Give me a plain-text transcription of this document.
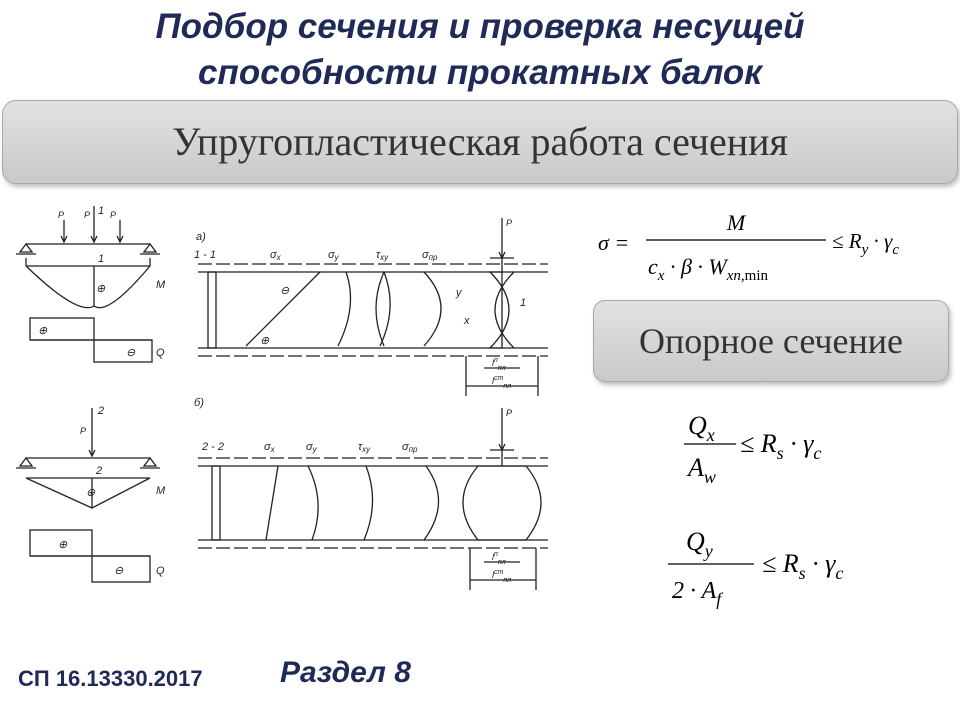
Подбор сечения и проверка несущей
способности прокатных балок
Упругопластическая работа сечения
Опорное сечение
СП 16.13330.2017	Раздел 8
σ =
M
$c_x \cdot \beta \cdot W_{xn,}\min$
≤ $R_y \cdot \gamma_c$
$Q_x$
$A_w$
≤ $R_s \cdot \gamma_c$
$Q_y$
$2 \cdot A_f$
≤ $R_s \cdot \gamma_c$
P P P
1
1
⊕	M
⊕
⊖ Q
а)
1 - 1
P
σx	σy	τxy	σпр
⊖
⊕
y
x
1
$l^п_{пл}$
$l^{ст}_{пл}$
P
2
2
⊕	M
⊕
⊖	Q
б)
2 - 2
P
σx	σy	τxy	σпр
$l^п_{пл}$
$l^{ст}_{пл}$
